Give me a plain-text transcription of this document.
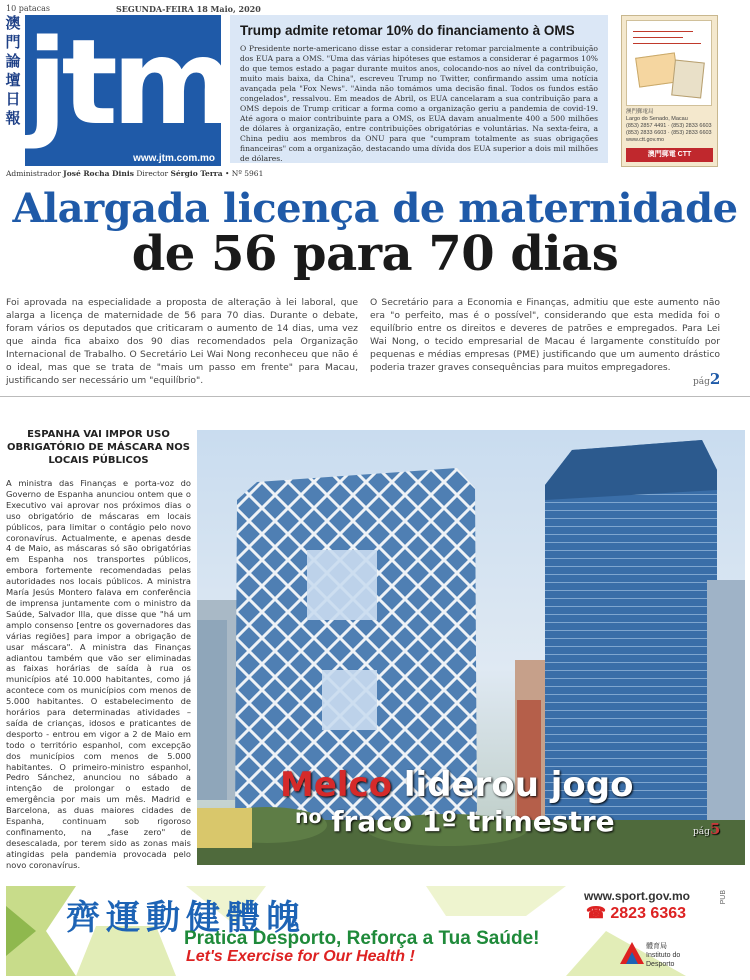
10 patacas	SEGUNDA-FEIRA 18 Maio, 2020
澳門論壇日報 jtm
www.jtm.com.mo
Administrador José Rocha Dinis Director Sérgio Terra • Nº 5961
Trump admite retomar 10% do financiamento à OMS

O Presidente norte-americano disse estar a considerar retomar parcialmente a contribuição dos EUA para a OMS. "Uma das várias hipóteses que estamos a considerar é pagarmos 10% do que temos estado a pagar durante muitos anos, colocando-nos ao nível da contribuição, muito mais baixa, da China", escreveu Trump no Twitter, confirmando assim uma notícia avançada pela "Fox News". "Ainda não tomámos uma decisão final. Todos os fundos estão congelados", ressalvou. Em meados de Abril, os EUA cancelaram a sua contribuição para a OMS depois de Trump criticar a forma como a organização geriu a pandemia de covid-19. Até agora o maior contribuinte para a OMS, os EUA davam anualmente 400 a 500 milhões de dólares à organização, entre contribuições obrigatórias e voluntárias. Na sexta-feira, a China pediu aos membros da ONU para que "cumpram totalmente as suas obrigações financeiras" com a organização, destacando uma dívida dos EUA superior a dois mil milhões de dólares.

澳門郵電局
Largo do Senado, Macau
(853) 2857 4491 · (853) 2833 6603
(853) 2833 6603 · (853) 2833 6603
www.ctt.gov.mo
澳門郵電 CTT
Alargada licença de maternidade
de 56 para 70 dias
Foi aprovada na especialidade a proposta de alteração à lei laboral, que alarga a licença de maternidade de 56 para 70 dias. Durante o debate, foram vários os deputados que criticaram o aumento de 14 dias, uma vez que ainda fica abaixo dos 90 dias recomendados pela Organização Internacional de Trabalho. O Secretário Lei Wai Nong reconheceu que não é o ideal, mas que se trata de "mais um passo em frente" para Macau, justificando ser necessário um "equilíbrio".
O Secretário para a Economia e Finanças, admitiu que este aumento não era "o perfeito, mas é o possível", considerando que esta medida foi o equilíbrio entre os direitos e deveres de patrões e empregados. Para Lei Wai Nong, o tecido empresarial de Macau é largamente constituído por pequenas e médias empresas (PME) justificando que um aumento drástico poderia trazer graves consequências para muitos empregadores.
pág2
ESPANHA VAI IMPOR USO OBRIGATÓRIO DE MÁSCARA NOS LOCAIS PÚBLICOS
A ministra das Finanças e porta-voz do Governo de Espanha anunciou ontem que o Executivo vai aprovar nos próximos dias o uso obrigatório de máscaras em locais públicos, para limitar o contágio pelo novo coronavírus. Actualmente, e apenas desde 4 de Maio, as máscaras só são obrigatórias em Espanha nos transportes públicos, embora fortemente recomendadas pelas autoridades nos locais públicos. A ministra María Jesús Montero falava em conferência de imprensa juntamente com o ministro da Saúde, Salvador Illa, que disse que "há um amplo consenso [entre os governadores das várias regiões] para impor a obrigação de usar máscara". A ministra das Finanças adiantou também que vão ser eliminadas as faixas horárias de saída à rua os municípios até 10.000 habitantes, como já acontece com os municípios com menos de 5.000 habitantes. O estabelecimento de horários para determinadas atividades – saída de crianças, idosos e praticantes de desporto - entrou em vigor a 2 de Maio em todo o território espanhol, com excepção dos municípios com menos de 5.000 habitantes. O primeiro-ministro espanhol, Pedro Sánchez, anunciou no sábado a intenção de prolongar o estado de emergência por mais um mês. Madrid e Barcelona, as duas maiores cidades de Espanha, continuam sob rigoroso confinamento, na „fase zero" de desescalada, por terem sido as zonas mais atingidas pela pandemia provocada pelo novo coronavírus.
Melco liderou jogo
$^{no}$ fraco 1º trimestre	pág5
齊運動健體魄
www.sport.gov.mo
☎ 2823 6363
Pratica Desporto, Reforça a Tua Saúde!
Let's Exercise for Our Health !
體育局
Instituto do Desporto
PUB
